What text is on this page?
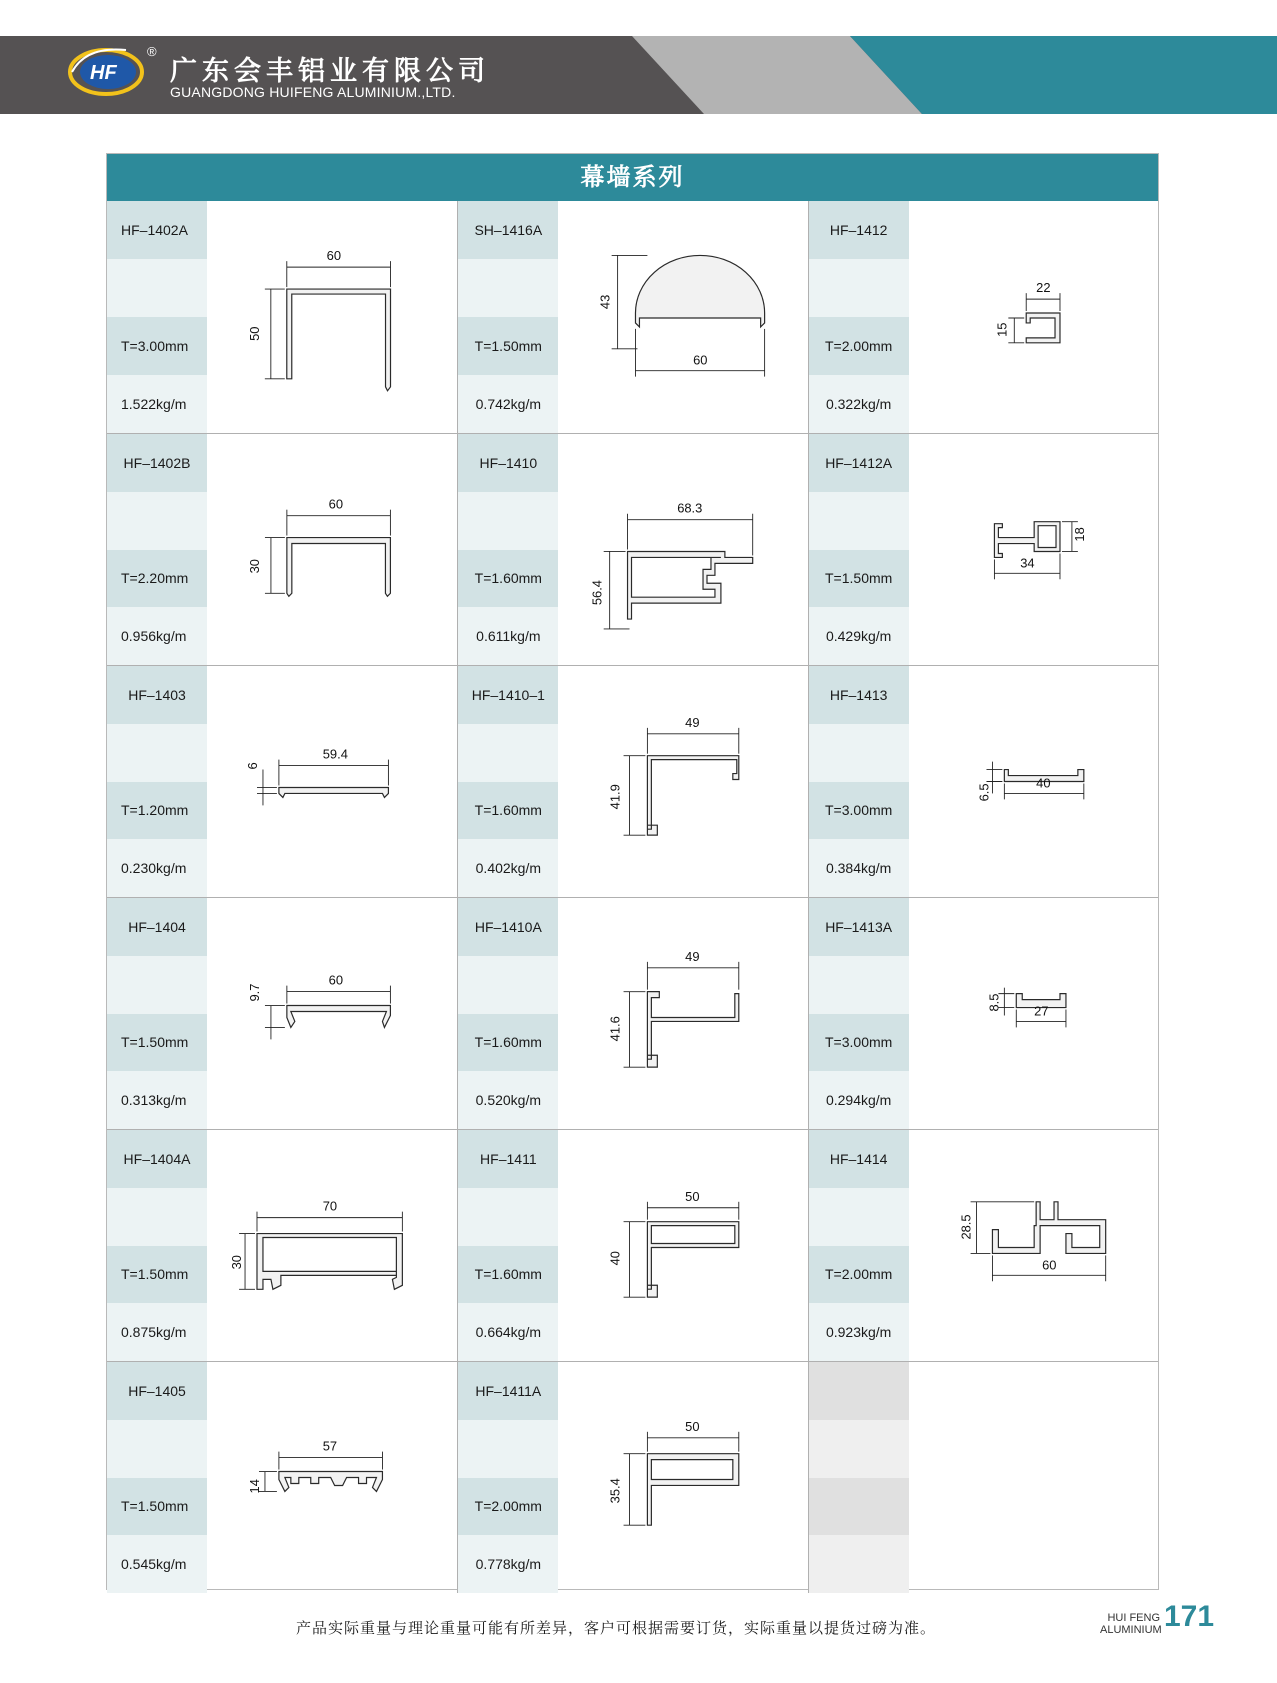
HF
®
广东会丰铝业有限公司
GUANGDONG HUIFENG ALUMINIUM.,LTD.
幕墙系列
HF–1402A
T=3.00mm
1.522kg/m
60
50
SH–1416A
T=1.50mm
0.742kg/m
43
60
HF–1412
T=2.00mm
0.322kg/m
22
15
HF–1402B
T=2.20mm
0.956kg/m
60
30
HF–1410
T=1.60mm
0.611kg/m
68.3
56.4
HF–1412A
T=1.50mm
0.429kg/m
18
34
HF–1403
T=1.20mm
0.230kg/m
59.4
6
HF–1410–1
T=1.60mm
0.402kg/m
49
41.9
HF–1413
T=3.00mm
0.384kg/m
40
6.5
HF–1404
T=1.50mm
0.313kg/m
60
9.7
HF–1410A
T=1.60mm
0.520kg/m
49
41.6
HF–1413A
T=3.00mm
0.294kg/m
27
8.5
HF–1404A
T=1.50mm
0.875kg/m
70
30
HF–1411
T=1.60mm
0.664kg/m
50
40
HF–1414
T=2.00mm
0.923kg/m
60
28.5
HF–1405
T=1.50mm
0.545kg/m
57
14
HF–1411A
T=2.00mm
0.778kg/m
50
35.4
产品实际重量与理论重量可能有所差异，客户可根据需要订货，实际重量以提货过磅为准。
HUI FENG
ALUMINIUM 171
